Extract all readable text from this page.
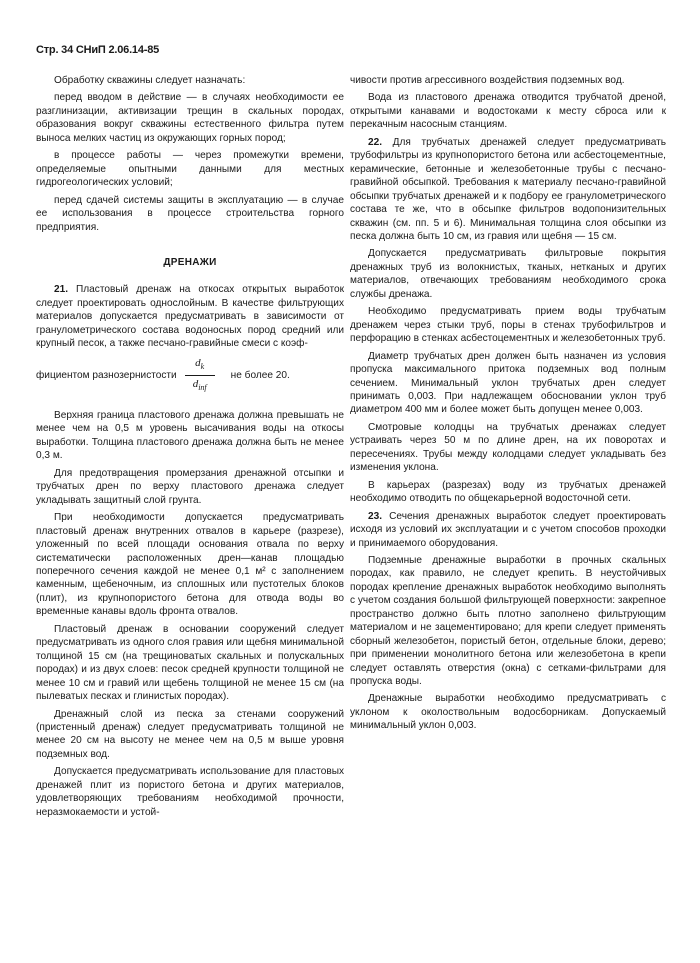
Стр. 34 СНиП 2.06.14-85

Обработку скважины следует назначать:

перед вводом в действие — в случаях необходимости ее разглинизации, активизации трещин в скальных породах, образования вокруг скважины естественного фильтра путем выноса мелких частиц из окружающих горных пород;

в процессе работы — через промежутки времени, определяемые опытными данными для местных гидрогеологических условий;

перед сдачей системы защиты в эксплуатацию — в случае ее использования в процессе строительства горного предприятия.

ДРЕНАЖИ

21. Пластовый дренаж на откосах открытых выработок следует проектировать однослойным. В качестве фильтрующих материалов допускается предусматривать в зависимости от гранулометрического состава водоносных пород средний или крупный песок, а также песчано-гравийные смеси с коэф-

фициентом разнозернистости $\frac{d_k}{d_{inf}}$ не более 20.

Верхняя граница пластового дренажа должна превышать не менее чем на 0,5 м уровень высачивания воды на откосы выработки. Толщина пластового дренажа должна быть не менее 0,3 м.

Для предотвращения промерзания дренажной отсыпки и трубчатых дрен по верху пластового дренажа следует укладывать защитный слой грунта.

При необходимости допускается предусматривать пластовый дренаж внутренних отвалов в карьере (разрезе), уложенный по всей площади основания отвала по верху систематически расположенных дрен—канав площадью поперечного сечения каждой не менее 0,1 м² с заполнением каменным, щебеночным, из сплошных или пустотелых блоков (плит), из крупнопористого бетона для отвода воды во временные канавы вдоль фронта отвалов.

Пластовый дренаж в основании сооружений следует предусматривать из одного слоя гравия или щебня минимальной толщиной 15 см (на трещиноватых скальных и полускальных породах) и из двух слоев: песок средней крупности толщиной не менее 10 см и гравий или щебень толщиной не менее 15 см (на пылеватых песках и глинистых породах).

Дренажный слой из песка за стенами сооружений (пристенный дренаж) следует предусматривать толщиной не менее 20 см на высоту не менее чем на 0,5 м выше уровня подземных вод.

Допускается предусматривать использование для пластовых дренажей плит из пористого бетона и других материалов, удовлетворяющих требованиям необходимой прочности, неразмокаемости и устой-

чивости против агрессивного воздействия подземных вод.

Вода из пластового дренажа отводится трубчатой дреной, открытыми канавами и водостоками к месту сброса или к перекачным насосным станциям.

22. Для трубчатых дренажей следует предусматривать трубофильтры из крупнопористого бетона или асбестоцементные, керамические, бетонные и железобетонные трубы с песчано-гравийной обсыпкой. Требования к материалу песчано-гравийной обсыпки трубчатых дренажей и к подбору ее гранулометрического состава те же, что в обсыпке фильтров водопонизительных скважин (см. пп. 5 и 6). Минимальная толщина слоя обсыпки из песка должна быть 10 см, из гравия или щебня — 15 см.

Допускается предусматривать фильтровые покрытия дренажных труб из волокнистых, тканых, нетканых и других материалов, отвечающих требованиям необходимого срока службы дренажа.

Необходимо предусматривать прием воды трубчатым дренажем через стыки труб, поры в стенах трубофильтров и перфорацию в стенках асбестоцементных и железобетонных труб.

Диаметр трубчатых дрен должен быть назначен из условия пропуска максимального притока подземных вод полным сечением. Минимальный уклон трубчатых дрен следует принимать 0,003. При надлежащем обосновании уклон труб диаметром 400 мм и более может быть допущен менее 0,003.

Смотровые колодцы на трубчатых дренажах следует устраивать через 50 м по длине дрен, на их поворотах и пересечениях. Трубы между колодцами следует укладывать без изменения уклона.

В карьерах (разрезах) воду из трубчатых дренажей необходимо отводить по общекарьерной водосточной сети.

23. Сечения дренажных выработок следует проектировать исходя из условий их эксплуатации и с учетом способов проходки и принимаемого оборудования.

Подземные дренажные выработки в прочных скальных породах, как правило, не следует крепить. В неустойчивых породах крепление дренажных выработок необходимо выполнять с учетом создания большой фильтрующей поверхности: закрепное пространство должно быть плотно заполнено фильтрующим материалом и не зацементировано; для крепи следует применять сборный железобетон, пористый бетон, отдельные блоки, дерево; при применении монолитного бетона или железобетона в крепи следует оставлять отверстия (окна) с сетками-фильтрами для пропуска воды.

Дренажные выработки необходимо предусматривать с уклоном к околоствольным водосборникам. Допускаемый минимальный уклон 0,003.
